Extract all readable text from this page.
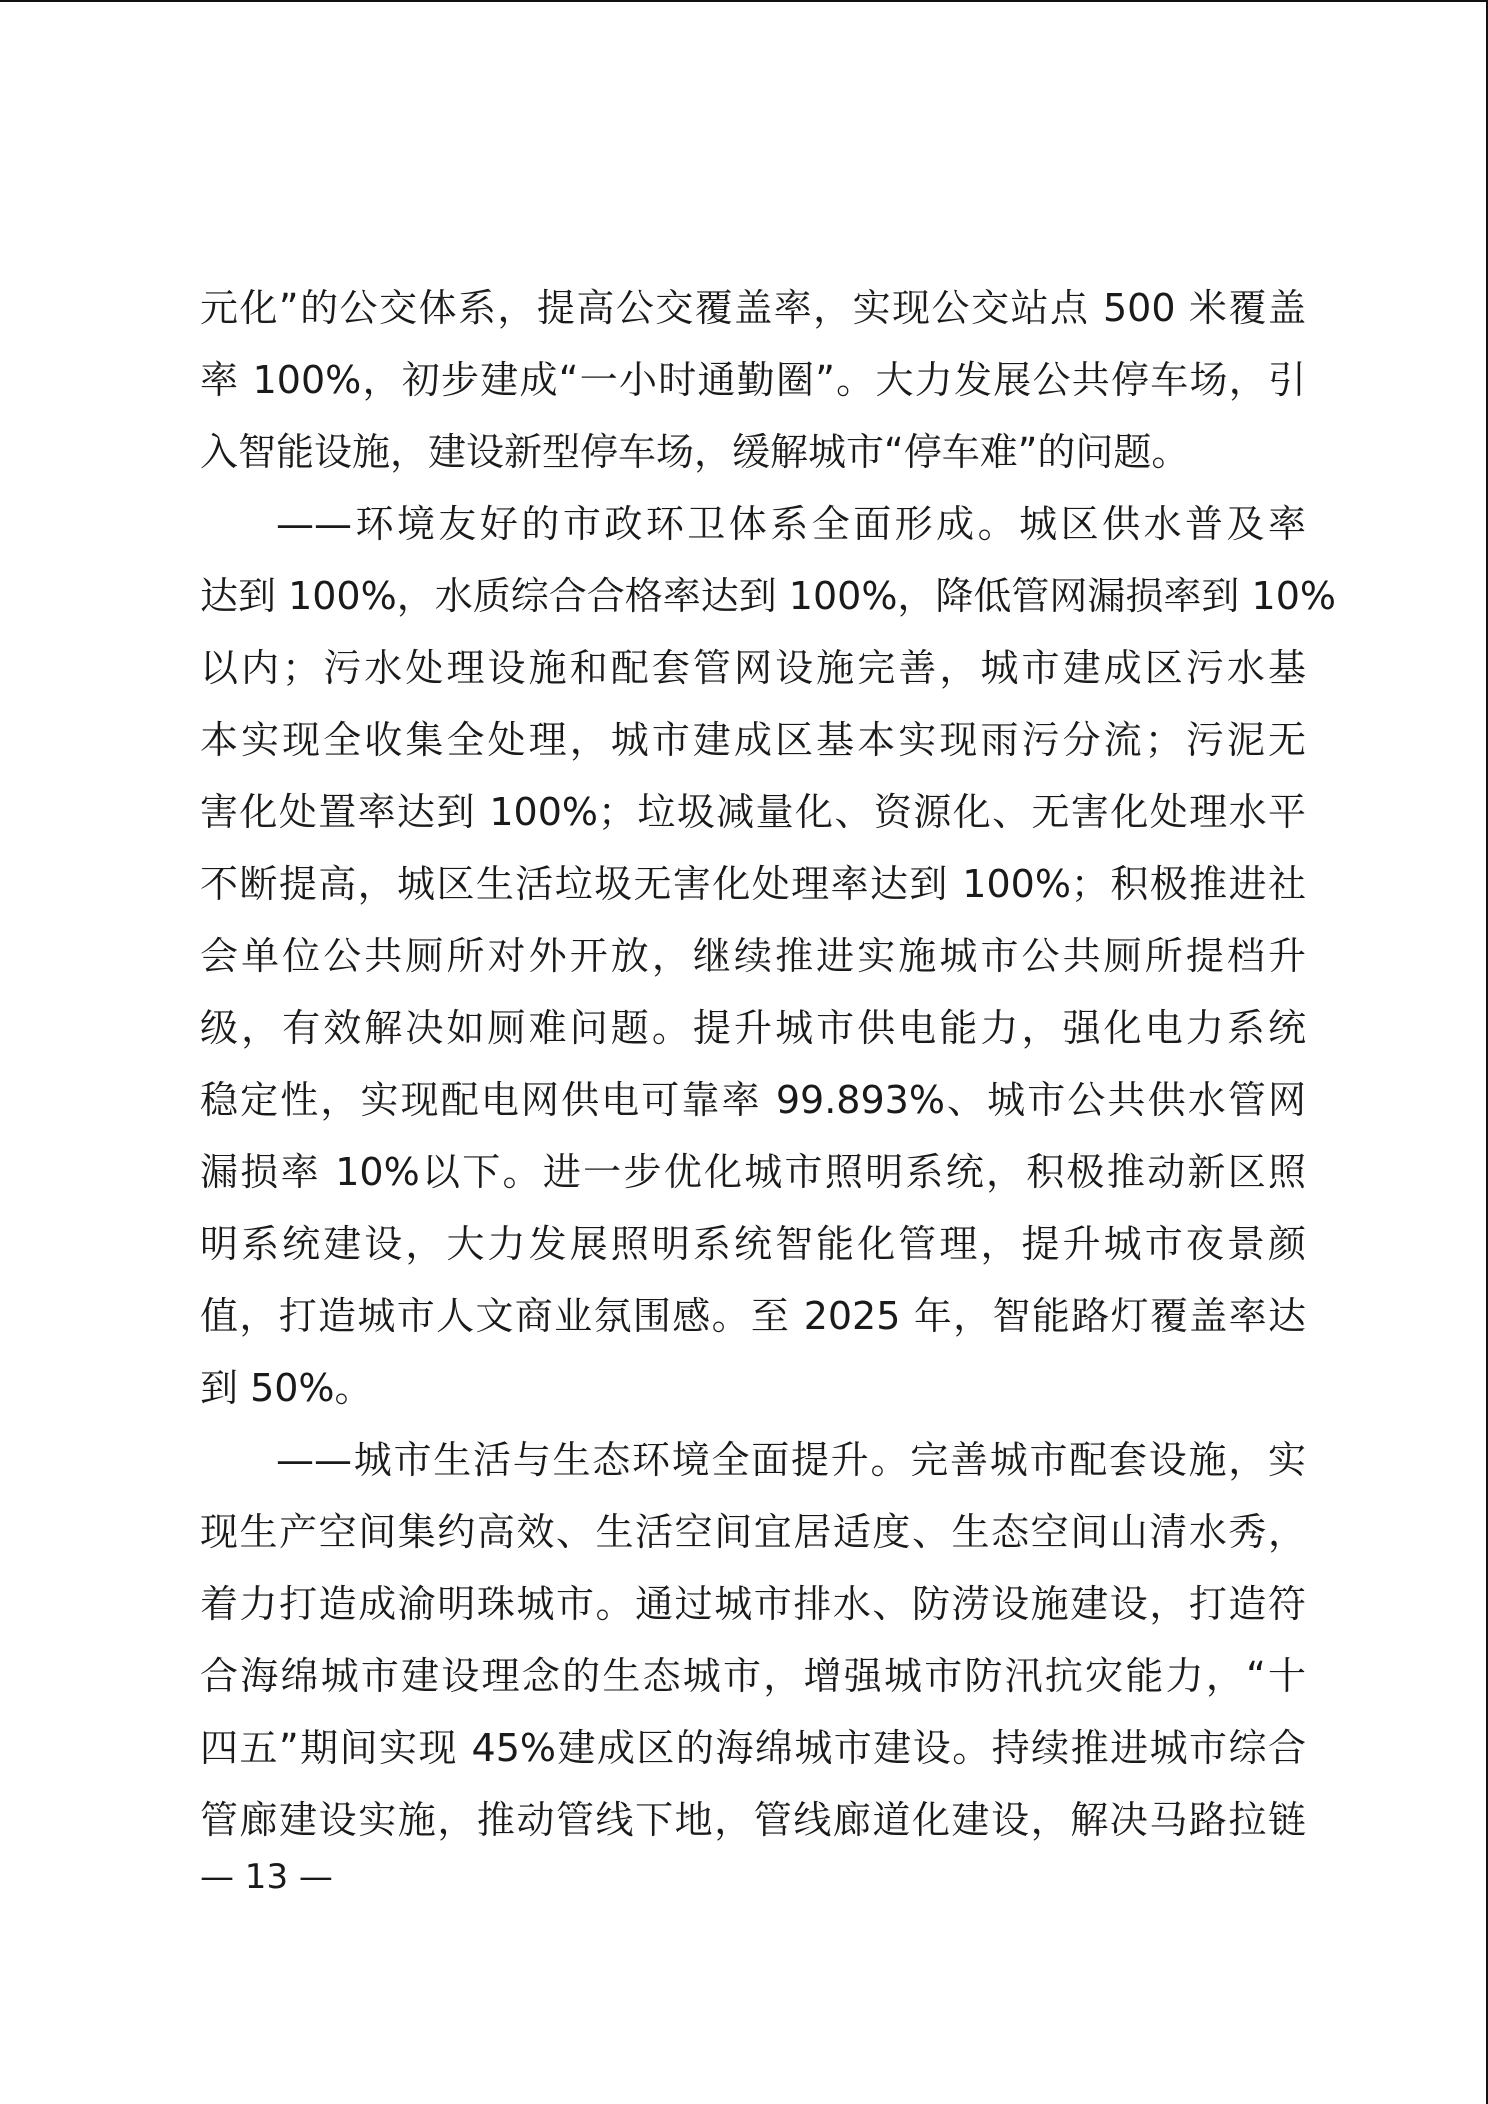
元化”的公交体系，提高公交覆盖率，实现公交站点 500 米覆盖
率 100%，初步建成“一小时通勤圈”。大力发展公共停车场，引
入智能设施，建设新型停车场，缓解城市“停车难”的问题。
——环境友好的市政环卫体系全面形成。城区供水普及率
达到 100%，水质综合合格率达到 100%，降低管网漏损率到 10%
以内；污水处理设施和配套管网设施完善，城市建成区污水基
本实现全收集全处理，城市建成区基本实现雨污分流；污泥无
害化处置率达到 100%；垃圾减量化、资源化、无害化处理水平
不断提高，城区生活垃圾无害化处理率达到 100%；积极推进社
会单位公共厕所对外开放，继续推进实施城市公共厕所提档升
级，有效解决如厕难问题。提升城市供电能力，强化电力系统
稳定性，实现配电网供电可靠率 99.893%、城市公共供水管网
漏损率 10%以下。进一步优化城市照明系统，积极推动新区照
明系统建设，大力发展照明系统智能化管理，提升城市夜景颜
值，打造城市人文商业氛围感。至 2025 年，智能路灯覆盖率达
到 50%。
——城市生活与生态环境全面提升。完善城市配套设施，实
现生产空间集约高效、生活空间宜居适度、生态空间山清水秀，
着力打造成渝明珠城市。通过城市排水、防涝设施建设，打造符
合海绵城市建设理念的生态城市，增强城市防汛抗灾能力，“十
四五”期间实现 45%建成区的海绵城市建设。持续推进城市综合
管廊建设实施，推动管线下地，管线廊道化建设，解决马路拉链
— 13 —
